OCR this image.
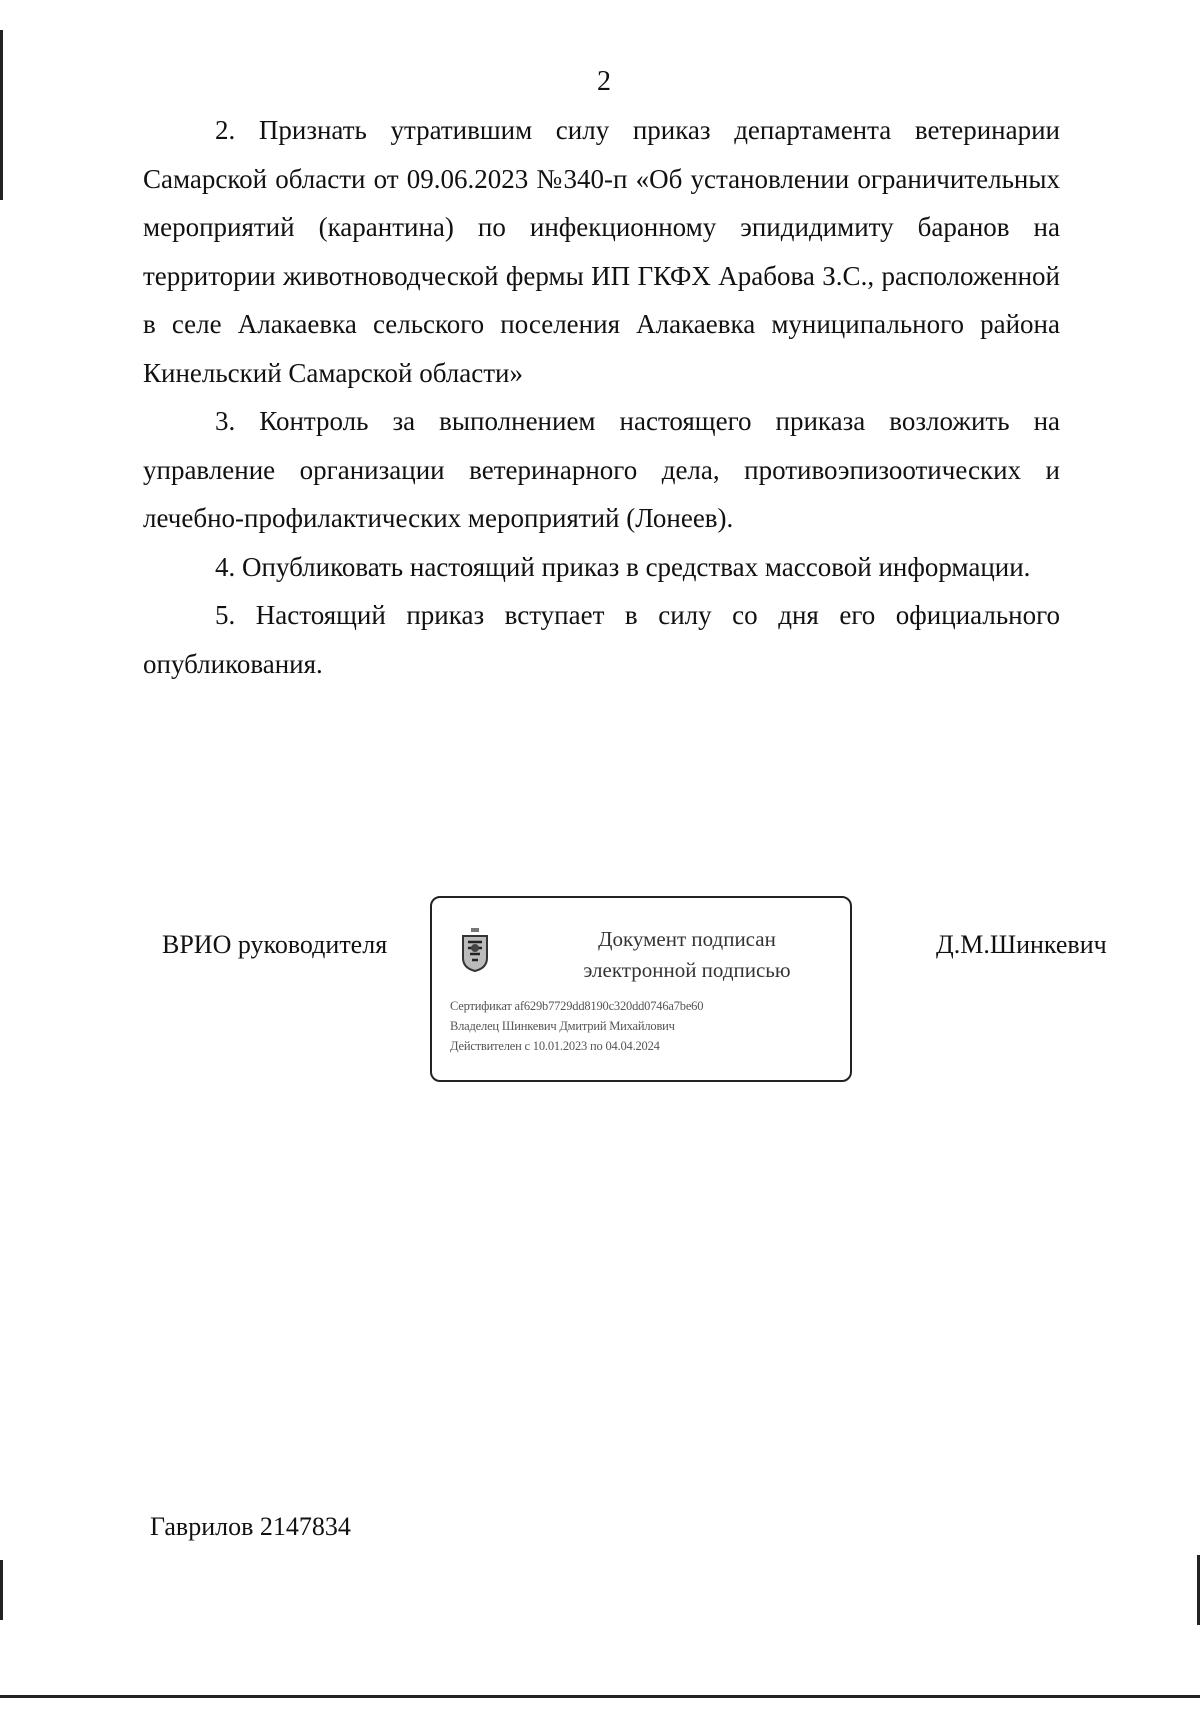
2

2. Признать утратившим силу приказ департамента ветеринарии Самарской области от 09.06.2023 №340-п «Об установлении ограничительных мероприятий (карантина) по инфекционному эпидидимиту баранов на территории животноводческой фермы ИП ГКФХ Арабова З.С., расположенной в селе Алакаевка сельского поселения Алакаевка муниципального района Кинельский Самарской области»

3. Контроль за выполнением настоящего приказа возложить на управление организации ветеринарного дела, противоэпизоотических и лечебно-профилактических мероприятий (Лонеев).

4. Опубликовать настоящий приказ в средствах массовой информации.

5. Настоящий приказ вступает в силу со дня его официального опубликования.

ВРИО руководителя	Документ подписан
электронной подписью
Сертификат af629b7729dd8190c320dd0746a7be60
Владелец Шинкевич Дмитрий Михайлович
Действителен с 10.01.2023 по 04.04.2024
Д.М.Шинкевич
Гаврилов 2147834
